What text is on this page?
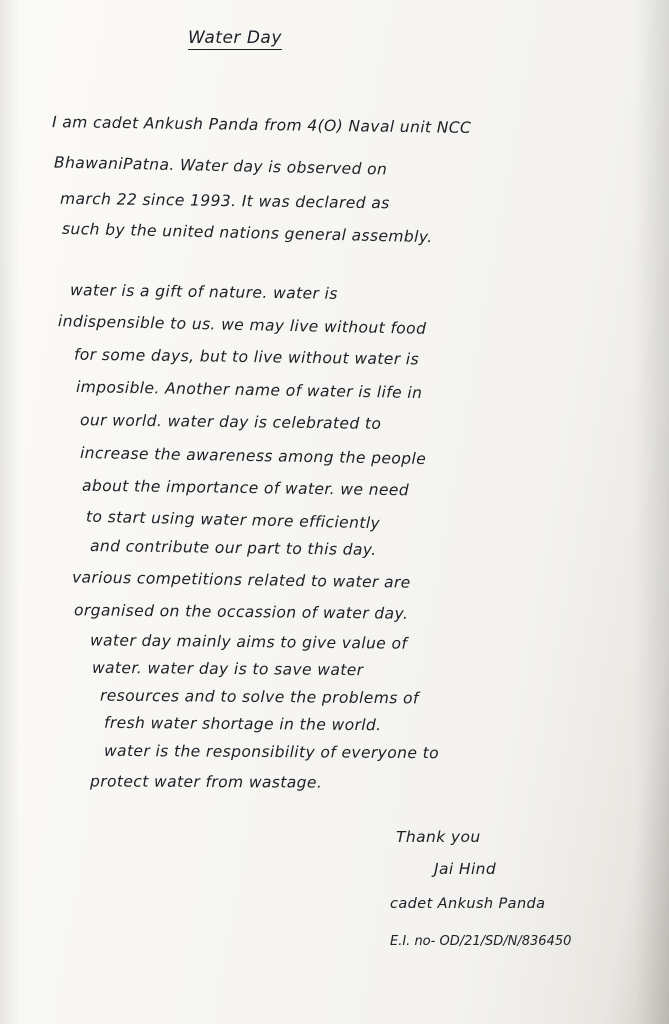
Water Day
I am cadet Ankush Panda from 4(O) Naval unit NCC
BhawaniPatna. Water day is observed on
march 22 since 1993. It was declared as
such by the united nations general assembly.
water is a gift of nature. water is
indispensible to us. we may live without food
for some days, but to live without water is
imposible. Another name of water is life in
our world. water day is celebrated to
increase the awareness among the people
about the importance of water. we need
to start using water more efficiently
and contribute our part to this day.
various competitions related to water are
organised on the occassion of water day.
water day mainly aims to give value of
water. water day is to save water
resources and to solve the problems of
fresh water shortage in the world.
water is the responsibility of everyone to
protect water from wastage.
Thank you
Jai Hind
cadet Ankush Panda
E.I. no- OD/21/SD/N/836450
